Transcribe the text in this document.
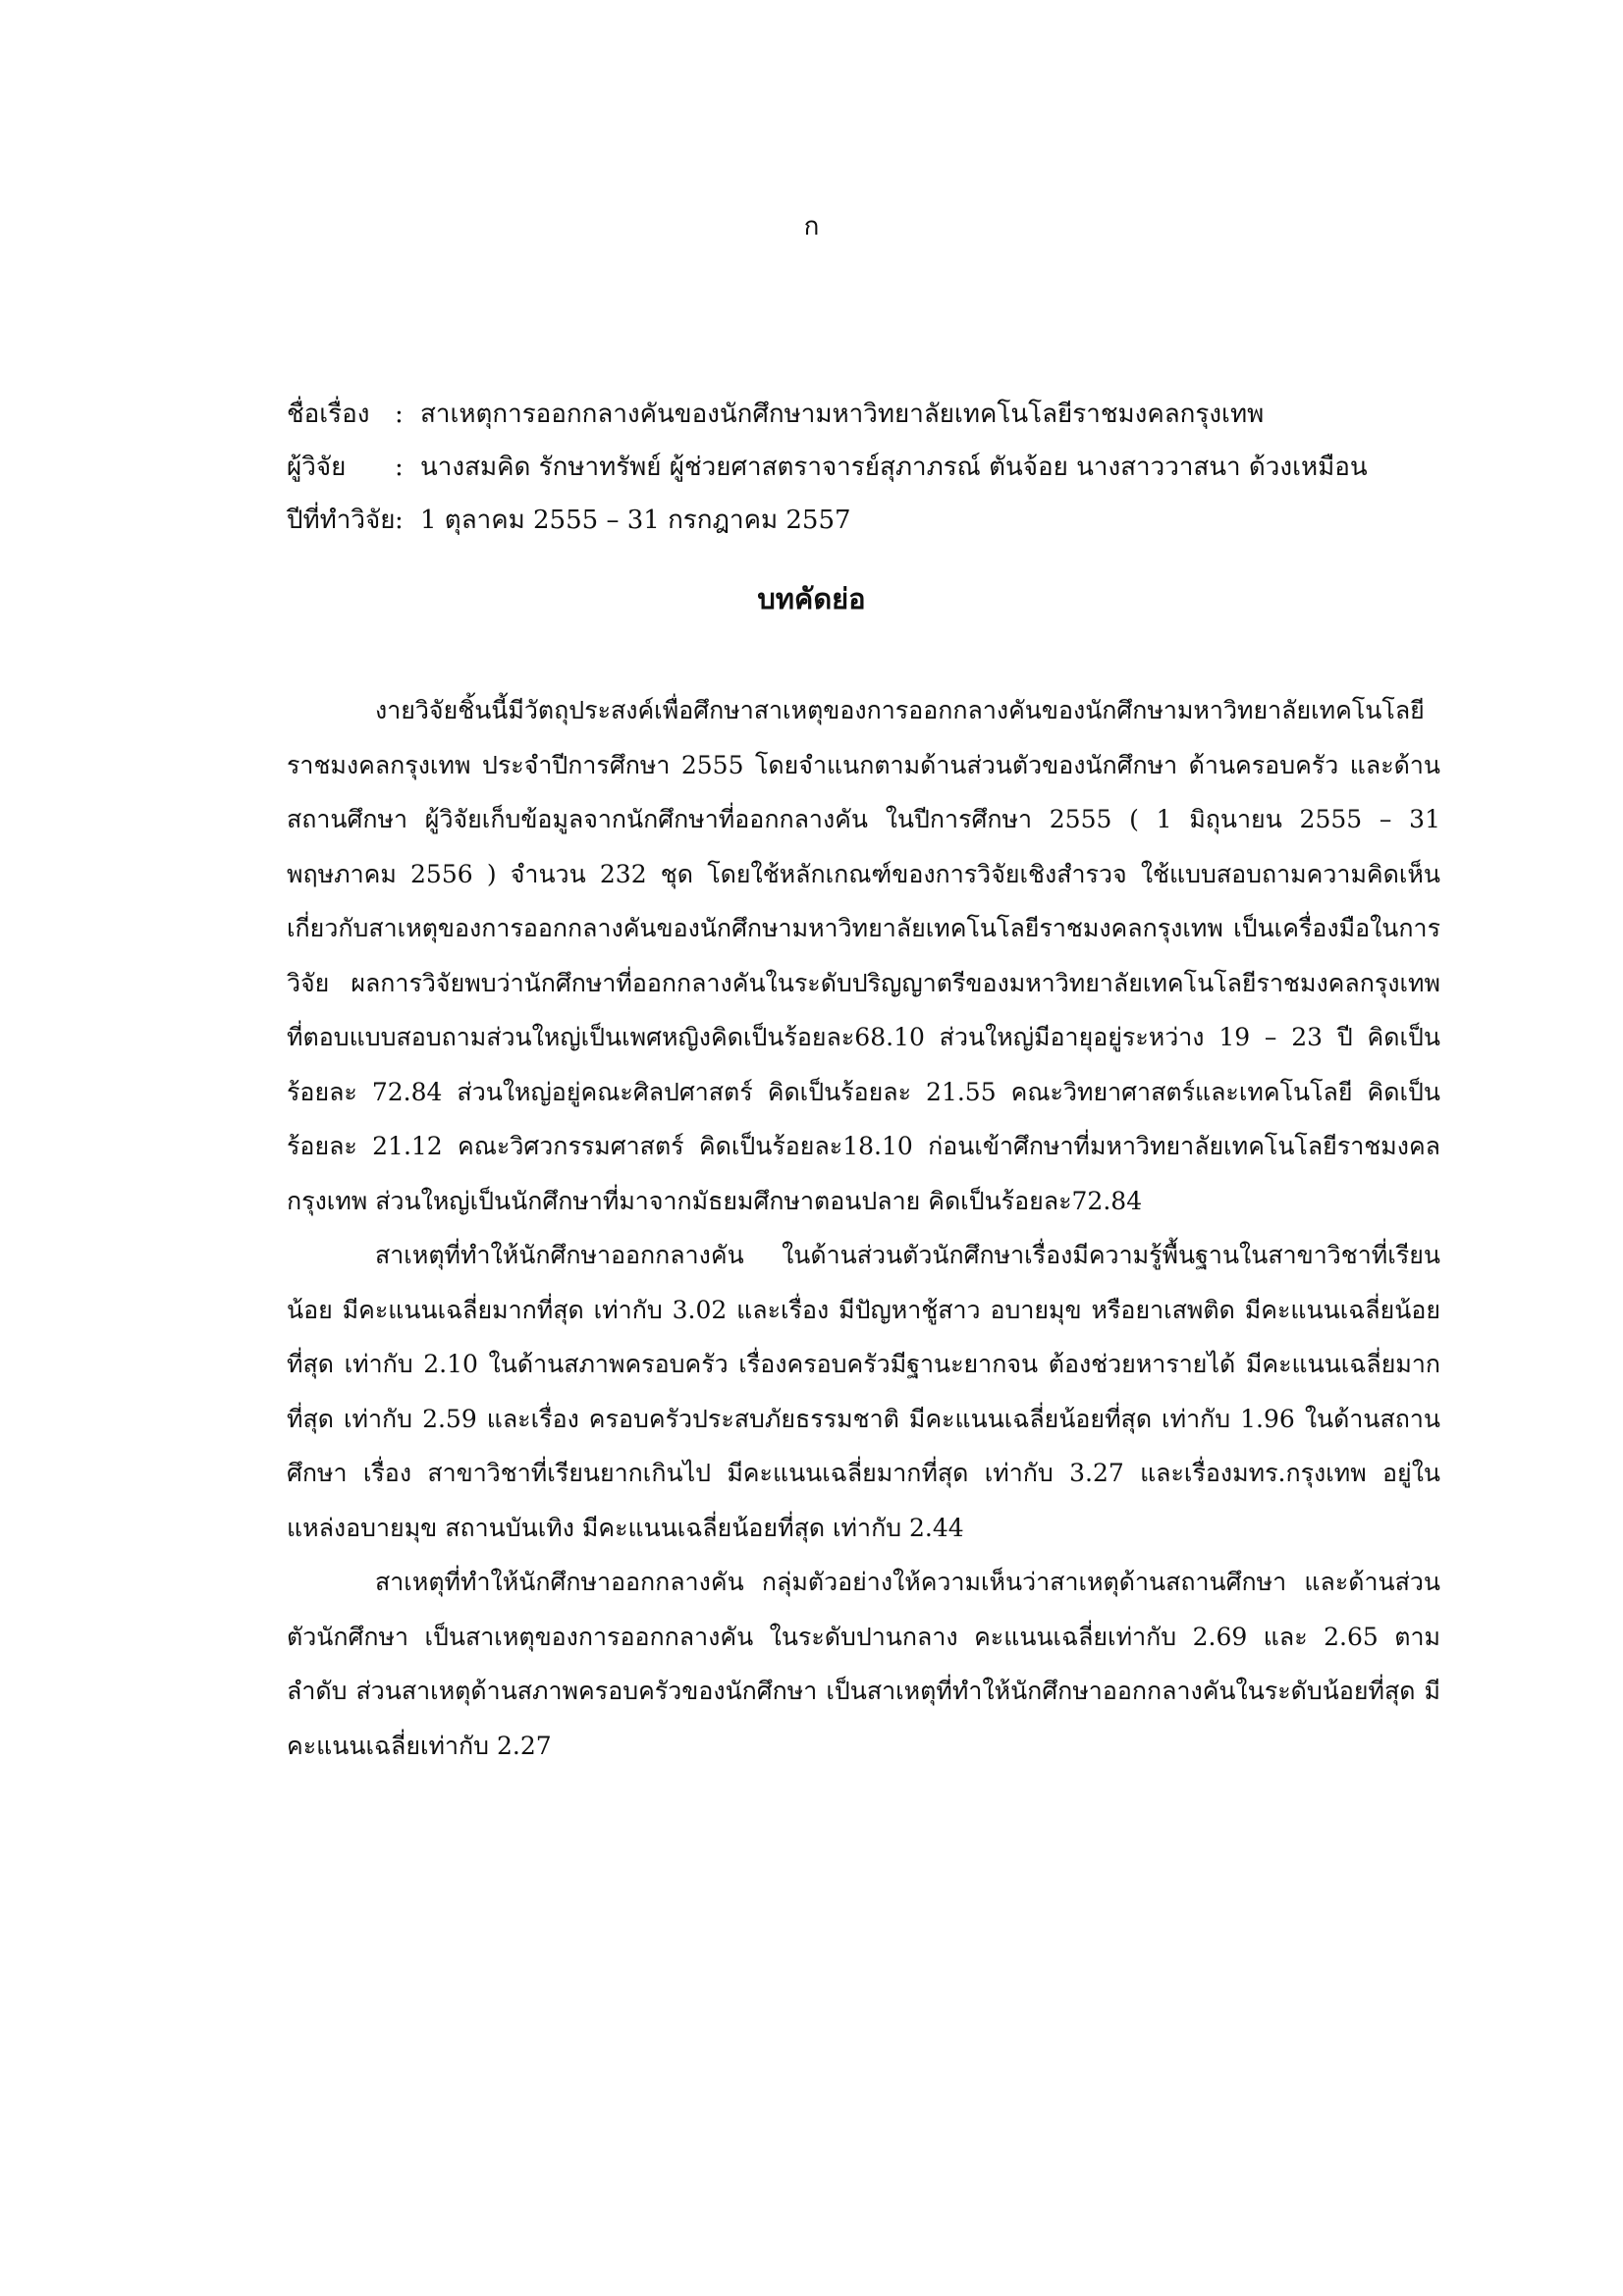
ก
ชื่อเรื่อง : สาเหตุการออกกลางคันของนักศึกษามหาวิทยาลัยเทคโนโลยีราชมงคลกรุงเทพ
ผู้วิจัย	: นางสมคิด รักษาทรัพย์ ผู้ช่วยศาสตราจารย์สุภาภรณ์ ตันจ้อย นางสาววาสนา ด้วงเหมือน
ปีที่ทำวิจัย : 1 ตุลาคม 2555 – 31 กรกฎาคม 2557
บทคัดย่อ

งายวิจัยชิ้นนี้มีวัตถุประสงค์เพื่อศึกษาสาเหตุของการออกกลางคันของนักศึกษามหาวิทยาลัยเทคโนโลยีราชมงคลกรุงเทพ ประจำปีการศึกษา 2555 โดยจำแนกตามด้านส่วนตัวของนักศึกษา ด้านครอบครัว และด้านสถานศึกษา ผู้วิจัยเก็บข้อมูลจากนักศึกษาที่ออกกลางคัน ในปีการศึกษา 2555 ( 1 มิถุนายน 2555 – 31 พฤษภาคม 2556 ) จำนวน 232 ชุด โดยใช้หลักเกณฑ์ของการวิจัยเชิงสำรวจ ใช้แบบสอบถามความคิดเห็นเกี่ยวกับสาเหตุของการออกกลางคันของนักศึกษามหาวิทยาลัยเทคโนโลยีราชมงคลกรุงเทพ เป็นเครื่องมือในการวิจัย ผลการวิจัยพบว่านักศึกษาที่ออกกลางคันในระดับปริญญาตรีของมหาวิทยาลัยเทคโนโลยีราชมงคลกรุงเทพ ที่ตอบแบบสอบถามส่วนใหญ่เป็นเพศหญิงคิดเป็นร้อยละ68.10 ส่วนใหญ่มีอายุอยู่ระหว่าง 19 – 23 ปี คิดเป็น ร้อยละ 72.84 ส่วนใหญ่อยู่คณะศิลปศาสตร์ คิดเป็นร้อยละ 21.55 คณะวิทยาศาสตร์และเทคโนโลยี คิดเป็นร้อยละ 21.12 คณะวิศวกรรมศาสตร์ คิดเป็นร้อยละ18.10 ก่อนเข้าศึกษาที่มหาวิทยาลัยเทคโนโลยีราชมงคลกรุงเทพ ส่วนใหญ่เป็นนักศึกษาที่มาจากมัธยมศึกษาตอนปลาย คิดเป็นร้อยละ72.84

สาเหตุที่ทำให้นักศึกษาออกกลางคัน ในด้านส่วนตัวนักศึกษาเรื่องมีความรู้พื้นฐานในสาขาวิชาที่เรียนน้อย มีคะแนนเฉลี่ยมากที่สุด เท่ากับ 3.02 และเรื่อง มีปัญหาชู้สาว อบายมุข หรือยาเสพติด มีคะแนนเฉลี่ยน้อยที่สุด เท่ากับ 2.10 ในด้านสภาพครอบครัว เรื่องครอบครัวมีฐานะยากจน ต้องช่วยหารายได้ มีคะแนนเฉลี่ยมากที่สุด เท่ากับ 2.59 และเรื่อง ครอบครัวประสบภัยธรรมชาติ มีคะแนนเฉลี่ยน้อยที่สุด เท่ากับ 1.96 ในด้านสถานศึกษา เรื่อง สาขาวิชาที่เรียนยากเกินไป มีคะแนนเฉลี่ยมากที่สุด เท่ากับ 3.27 และเรื่องมทร.กรุงเทพ อยู่ในแหล่งอบายมุข สถานบันเทิง มีคะแนนเฉลี่ยน้อยที่สุด เท่ากับ 2.44

สาเหตุที่ทำให้นักศึกษาออกกลางคัน กลุ่มตัวอย่างให้ความเห็นว่าสาเหตุด้านสถานศึกษา และด้านส่วนตัวนักศึกษา เป็นสาเหตุของการออกกลางคัน ในระดับปานกลาง คะแนนเฉลี่ยเท่ากับ 2.69 และ 2.65 ตามลำดับ ส่วนสาเหตุด้านสภาพครอบครัวของนักศึกษา เป็นสาเหตุที่ทำให้นักศึกษาออกกลางคันในระดับน้อยที่สุด มีคะแนนเฉลี่ยเท่ากับ 2.27
